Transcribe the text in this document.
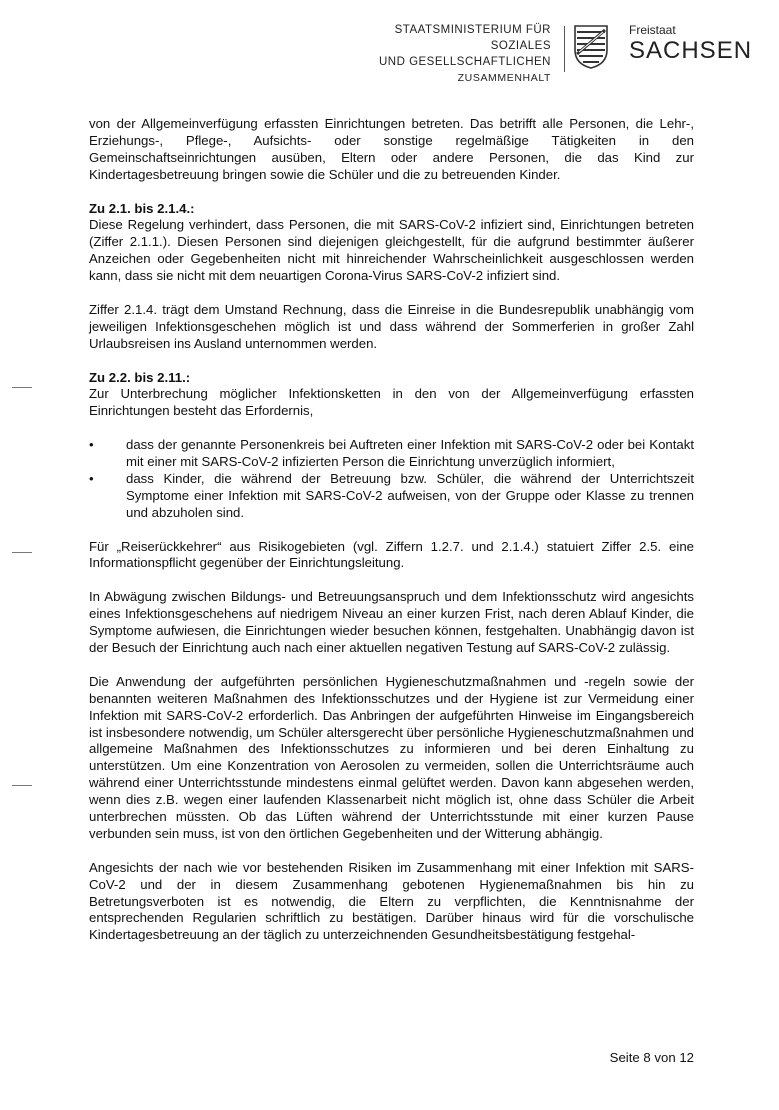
STAATSMINISTERIUM FÜR SOZIALES
UND GESELLSCHAFTLICHEN
ZUSAMMENHALT
Freistaat
SACHSEN

von der Allgemeinverfügung erfassten Einrichtungen betreten. Das betrifft alle Personen, die Lehr-, Erziehungs-, Pflege-, Aufsichts- oder sonstige regelmäßige Tätigkeiten in den Gemeinschaftseinrichtungen ausüben, Eltern oder andere Personen, die das Kind zur Kindertagesbetreuung bringen sowie die Schüler und die zu betreuenden Kinder.

Zu 2.1. bis 2.1.4.:

Diese Regelung verhindert, dass Personen, die mit SARS-CoV-2 infiziert sind, Einrichtungen betreten (Ziffer 2.1.1.). Diesen Personen sind diejenigen gleichgestellt, für die aufgrund bestimmter äußerer Anzeichen oder Gegebenheiten nicht mit hinreichender Wahrscheinlichkeit ausgeschlossen werden kann, dass sie nicht mit dem neuartigen Corona-Virus SARS-CoV-2 infiziert sind.

Ziffer 2.1.4. trägt dem Umstand Rechnung, dass die Einreise in die Bundesrepublik unabhängig vom jeweiligen Infektionsgeschehen möglich ist und dass während der Sommerferien in großer Zahl Urlaubsreisen ins Ausland unternommen werden.

Zu 2.2. bis 2.11.:

Zur Unterbrechung möglicher Infektionsketten in den von der Allgemeinverfügung erfassten Einrichtungen besteht das Erfordernis,

• dass der genannte Personenkreis bei Auftreten einer Infektion mit SARS-CoV-2 oder bei Kontakt mit einer mit SARS-CoV-2 infizierten Person die Einrichtung unverzüglich informiert,
• dass Kinder, die während der Betreuung bzw. Schüler, die während der Unterrichtszeit Symptome einer Infektion mit SARS-CoV-2 aufweisen, von der Gruppe oder Klasse zu trennen und abzuholen sind.

Für „Reiserückkehrer“ aus Risikogebieten (vgl. Ziffern 1.2.7. und 2.1.4.) statuiert Ziffer 2.5. eine Informationspflicht gegenüber der Einrichtungsleitung.

In Abwägung zwischen Bildungs- und Betreuungsanspruch und dem Infektionsschutz wird angesichts eines Infektionsgeschehens auf niedrigem Niveau an einer kurzen Frist, nach deren Ablauf Kinder, die Symptome aufwiesen, die Einrichtungen wieder besuchen können, festgehalten. Unabhängig davon ist der Besuch der Einrichtung auch nach einer aktuellen negativen Testung auf SARS-CoV-2 zulässig.

Die Anwendung der aufgeführten persönlichen Hygieneschutzmaßnahmen und -regeln sowie der benannten weiteren Maßnahmen des Infektionsschutzes und der Hygiene ist zur Vermeidung einer Infektion mit SARS-CoV-2 erforderlich. Das Anbringen der aufgeführten Hinweise im Eingangsbereich ist insbesondere notwendig, um Schüler altersgerecht über persönliche Hygieneschutzmaßnahmen und allgemeine Maßnahmen des Infektionsschutzes zu informieren und bei deren Einhaltung zu unterstützen. Um eine Konzentration von Aerosolen zu vermeiden, sollen die Unterrichtsräume auch während einer Unterrichtsstunde mindestens einmal gelüftet werden. Davon kann abgesehen werden, wenn dies z.B. wegen einer laufenden Klassenarbeit nicht möglich ist, ohne dass Schüler die Arbeit unterbrechen müssten. Ob das Lüften während der Unterrichtsstunde mit einer kurzen Pause verbunden sein muss, ist von den örtlichen Gegebenheiten und der Witterung abhängig.

Angesichts der nach wie vor bestehenden Risiken im Zusammenhang mit einer Infektion mit SARS-CoV-2 und der in diesem Zusammenhang gebotenen Hygienemaßnahmen bis hin zu Betretungsverboten ist es notwendig, die Eltern zu verpflichten, die Kenntnisnahme der entsprechenden Regularien schriftlich zu bestätigen. Darüber hinaus wird für die vorschulische Kindertagesbetreuung an der täglich zu unterzeichnenden Gesundheitsbestätigung festgehal-

Seite 8 von 12
